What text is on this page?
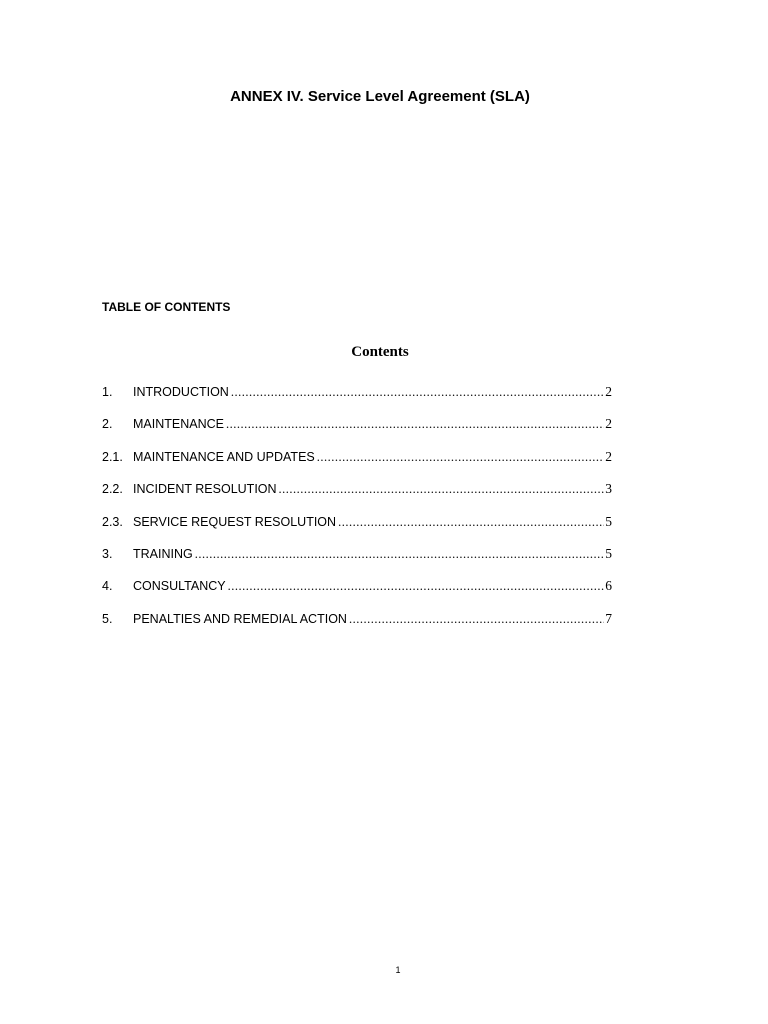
ANNEX IV. Service Level Agreement (SLA)
TABLE OF CONTENTS
Contents
1.	INTRODUCTION .....	2
2.	MAINTENANCE .....	2
2.1. MAINTENANCE AND UPDATES .....	2
2.2. INCIDENT RESOLUTION .....	3
2.3. SERVICE REQUEST RESOLUTION .....	5
3.	TRAINING .....	5
4.	CONSULTANCY .....	6
5.	PENALTIES AND REMEDIAL ACTION .....	7
1
